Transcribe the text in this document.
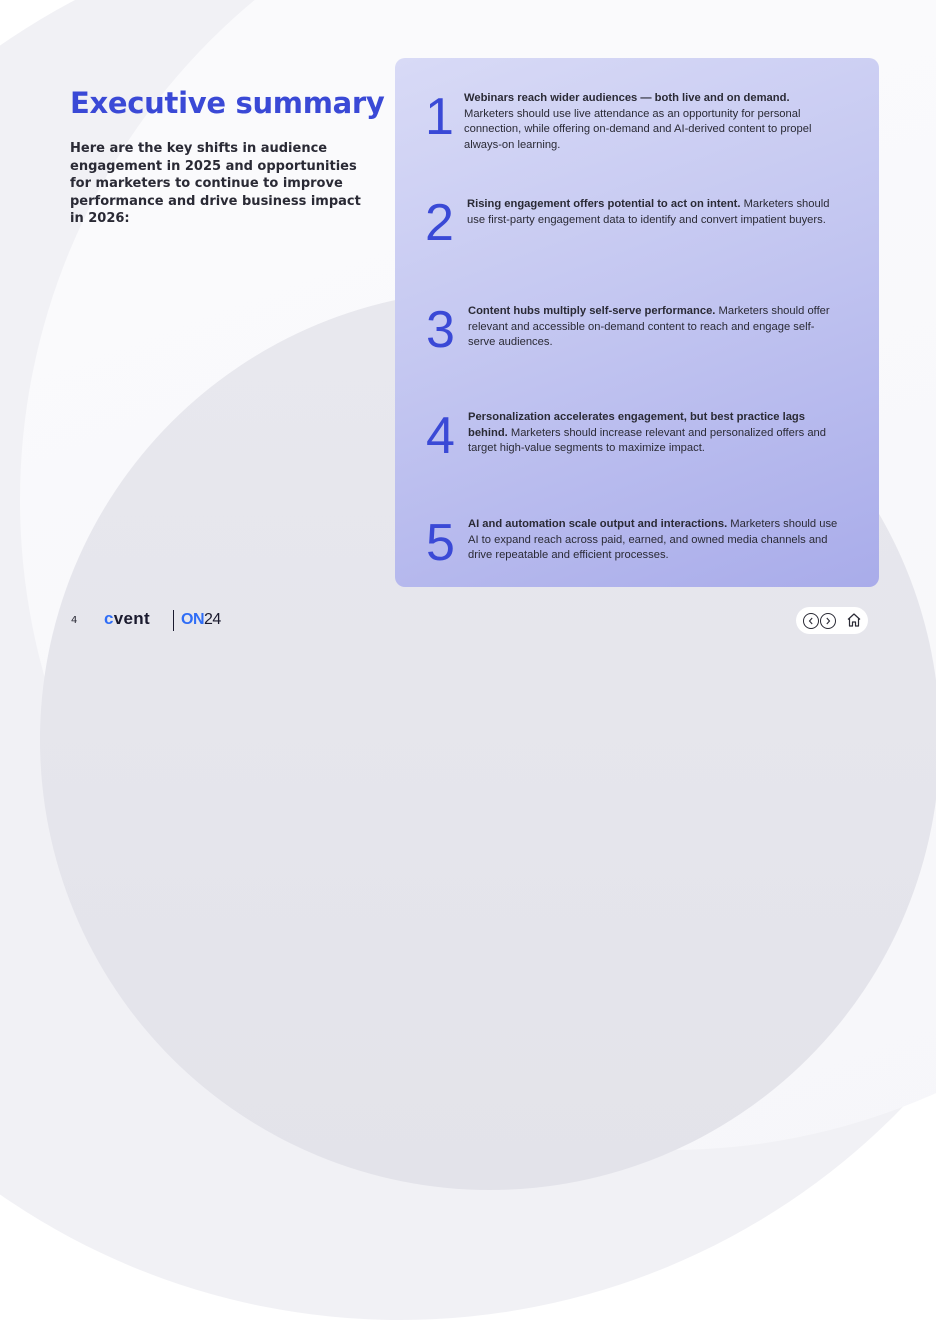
Executive summary

Here are the key shifts in audience engagement in 2025 and opportunities for marketers to continue to improve performance and drive business impact in 2026:

1 Webinars reach wider audiences — both live and on demand. Marketers should use live attendance as an opportunity for personal connection, while offering on-demand and AI-derived content to propel always-on learning.
2 Rising engagement offers potential to act on intent. Marketers should use first-party engagement data to identify and convert impatient buyers.
3 Content hubs multiply self-serve performance. Marketers should offer relevant and accessible on-demand content to reach and engage self-serve audiences.
4 Personalization accelerates engagement, but best practice lags behind. Marketers should increase relevant and personalized offers and target high-value segments to maximize impact.
5 AI and automation scale output and interactions. Marketers should use AI to expand reach across paid, earned, and owned media channels and drive repeatable and efficient processes.
4 cvent ON24
